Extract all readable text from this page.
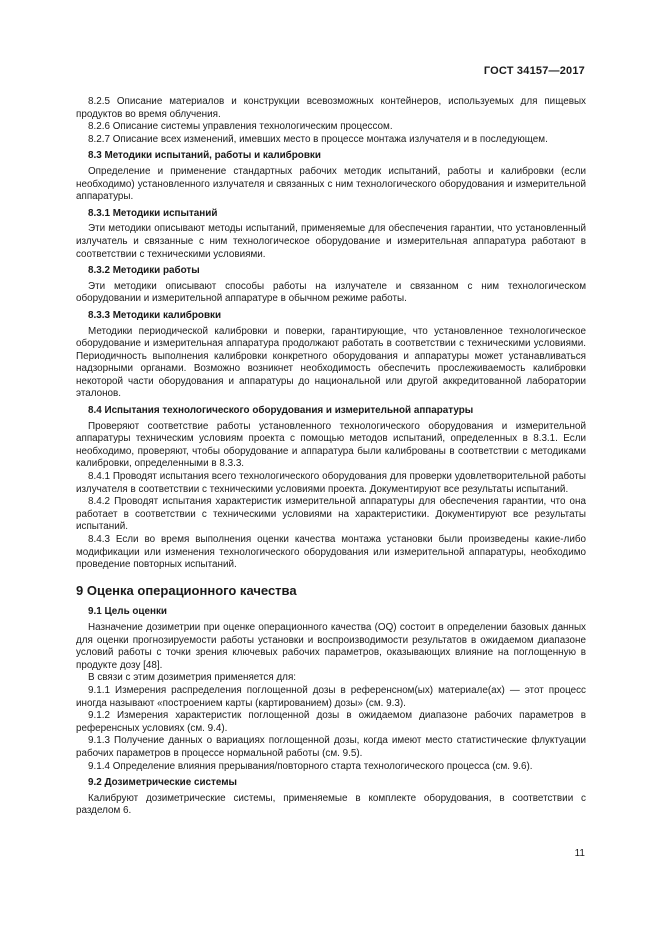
ГОСТ 34157—2017

8.2.5 Описание материалов и конструкции всевозможных контейнеров, используемых для пищевых продуктов во время облучения.

8.2.6 Описание системы управления технологическим процессом.

8.2.7 Описание всех изменений, имевших место в процессе монтажа излучателя и в последующем.

8.3 Методики испытаний, работы и калибровки

Определение и применение стандартных рабочих методик испытаний, работы и калибровки (если необходимо) установленного излучателя и связанных с ним технологического оборудования и измерительной аппаратуры.

8.3.1 Методики испытаний

Эти методики описывают методы испытаний, применяемые для обеспечения гарантии, что установленный излучатель и связанные с ним технологическое оборудование и измерительная аппаратура работают в соответствии с техническими условиями.

8.3.2 Методики работы

Эти методики описывают способы работы на излучателе и связанном с ним технологическом оборудовании и измерительной аппаратуре в обычном режиме работы.

8.3.3 Методики калибровки

Методики периодической калибровки и поверки, гарантирующие, что установленное технологическое оборудование и измерительная аппаратура продолжают работать в соответствии с техническими условиями. Периодичность выполнения калибровки конкретного оборудования и аппаратуры может устанавливаться надзорными органами. Возможно возникнет необходимость обеспечить прослеживаемость калибровки некоторой части оборудования и аппаратуры до национальной или другой аккредитованной лаборатории эталонов.

8.4 Испытания технологического оборудования и измерительной аппаратуры

Проверяют соответствие работы установленного технологического оборудования и измерительной аппаратуры техническим условиям проекта с помощью методов испытаний, определенных в 8.3.1. Если необходимо, проверяют, чтобы оборудование и аппаратура были калиброваны в соответствии с методиками калибровки, определенными в 8.3.3.

8.4.1 Проводят испытания всего технологического оборудования для проверки удовлетворительной работы излучателя в соответствии с техническими условиями проекта. Документируют все результаты испытаний.

8.4.2 Проводят испытания характеристик измерительной аппаратуры для обеспечения гарантии, что она работает в соответствии с техническими условиями на характеристики. Документируют все результаты испытаний.

8.4.3 Если во время выполнения оценки качества монтажа установки были произведены какие-либо модификации или изменения технологического оборудования или измерительной аппаратуры, необходимо проведение повторных испытаний.

9 Оценка операционного качества

9.1 Цель оценки

Назначение дозиметрии при оценке операционного качества (OQ) состоит в определении базовых данных для оценки прогнозируемости работы установки и воспроизводимости результатов в ожидаемом диапазоне условий работы с точки зрения ключевых рабочих параметров, оказывающих влияние на поглощенную в продукте дозу [48].

В связи с этим дозиметрия применяется для:

9.1.1 Измерения распределения поглощенной дозы в референсном(ых) материале(ах) — этот процесс иногда называют «построением карты (картированием) дозы» (см. 9.3).

9.1.2 Измерения характеристик поглощенной дозы в ожидаемом диапазоне рабочих параметров в референсных условиях (см. 9.4).

9.1.3 Получение данных о вариациях поглощенной дозы, когда имеют место статистические флуктуации рабочих параметров в процессе нормальной работы (см. 9.5).

9.1.4 Определение влияния прерывания/повторного старта технологического процесса (см. 9.6).

9.2 Дозиметрические системы

Калибруют дозиметрические системы, применяемые в комплекте оборудования, в соответствии с разделом 6.

11
